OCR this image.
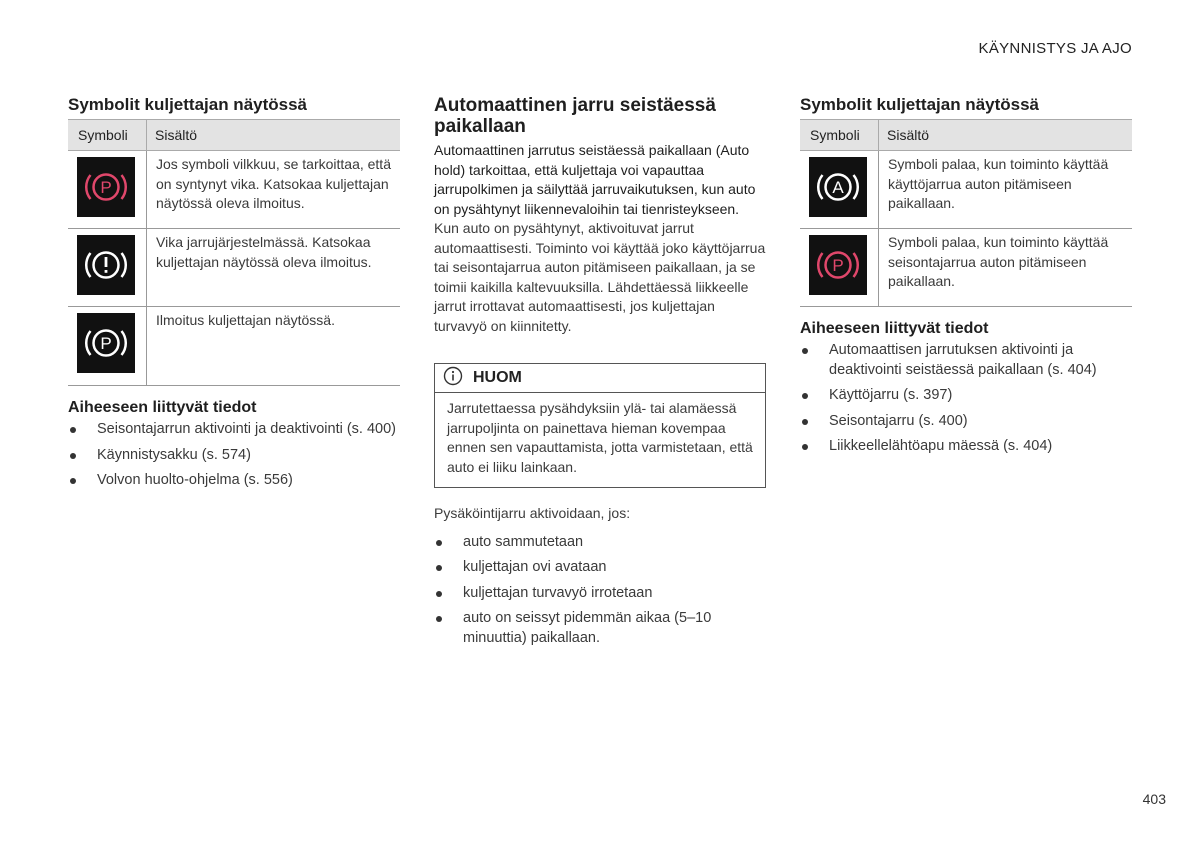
KÄYNNISTYS JA AJO
Symbolit kuljettajan näytössä
Symboli	Sisältö

P	Jos symboli vilkkuu, se tarkoittaa, että on syntynyt vika. Katsokaa kuljettajan näytössä oleva ilmoitus.

	Vika jarrujärjestelmässä. Katsokaa kuljettajan näytössä oleva ilmoitus.

P	Ilmoitus kuljettajan näytössä.
Aiheeseen liittyvät tiedot
Seisontajarrun aktivointi ja deaktivointi (s. 400)
Käynnistysakku (s. 574)
Volvon huolto-ohjelma (s. 556)
Automaattinen jarru seistäessä paikallaan

Automaattinen jarrutus seistäessä paikallaan (Auto hold) tarkoittaa, että kuljettaja voi vapauttaa jarrupolkimen ja säilyttää jarruvaikutuksen, kun auto on pysähtynyt liikennevaloihin tai tienristeykseen.

Kun auto on pysähtynyt, aktivoituvat jarrut automaattisesti. Toiminto voi käyttää joko käyttöjarrua tai seisontajarrua auton pitämiseen paikallaan, ja se toimii kaikilla kaltevuuksilla. Lähdettäessä liikkeelle jarrut irrottavat automaattisesti, jos kuljettajan turvavyö on kiinnitetty.

HUOM
Jarrutettaessa pysähdyksiin ylä- tai alamäessä jarrupoljinta on painettava hieman kovempaa ennen sen vapauttamista, jotta varmistetaan, että auto ei liiku lainkaan.

Pysäköintijarru aktivoidaan, jos:

auto sammutetaan
kuljettajan ovi avataan
kuljettajan turvavyö irrotetaan
auto on seissyt pidemmän aikaa (5–10 minuuttia) paikallaan.
Symbolit kuljettajan näytössä
Symboli	Sisältö

A	Symboli palaa, kun toiminto käyttää käyttöjarrua auton pitämiseen paikallaan.

P	Symboli palaa, kun toiminto käyttää seisontajarrua auton pitämiseen paikallaan.
Aiheeseen liittyvät tiedot
Automaattisen jarrutuksen aktivointi ja deaktivointi seistäessä paikallaan (s. 404)
Käyttöjarru (s. 397)
Seisontajarru (s. 400)
Liikkeellelähtöapu mäessä (s. 404)
403
